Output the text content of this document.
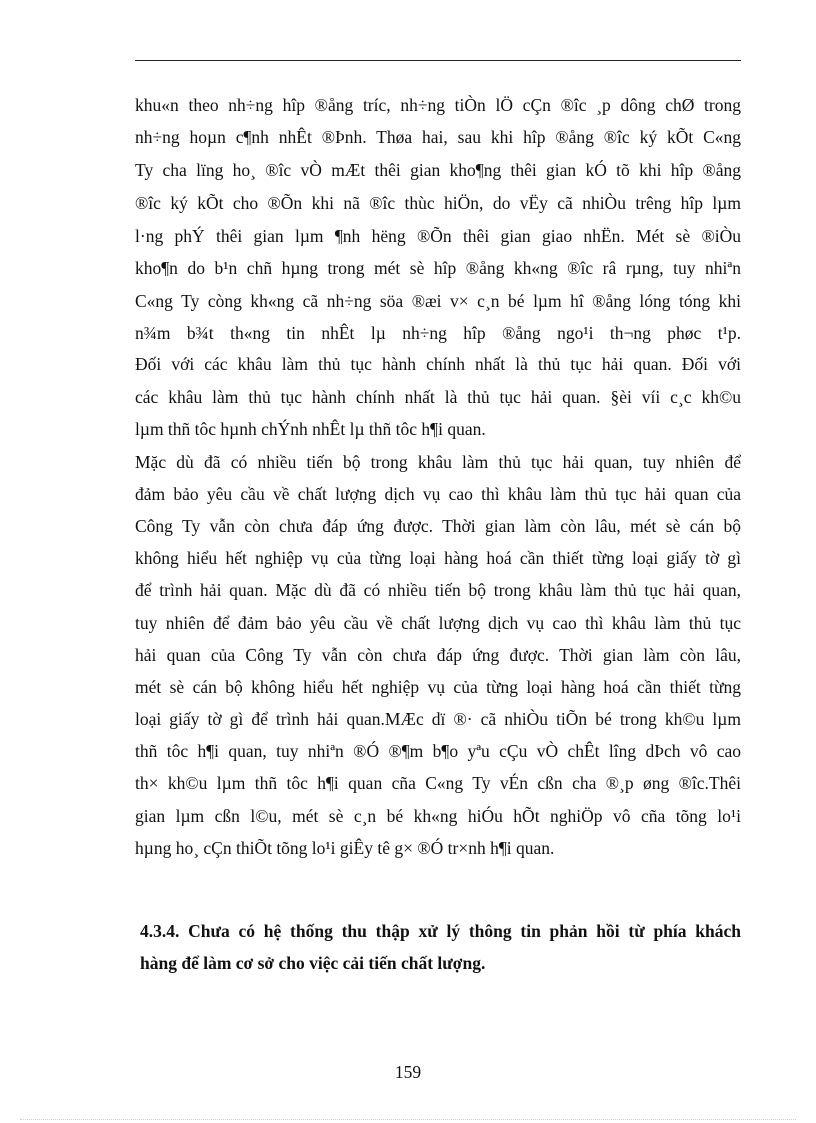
khu«n theo nh÷ng hîp ®ång tríc, nh÷ng tiÒn lÖ cÇn ®îc ¸p dông chØ trong
nh÷ng hoµn c¶nh nhÊt ®Þnh. Thøa hai, sau khi hîp ®ång ®îc ký kÕt C«ng
Ty cha lïng ho¸ ®îc vÒ mÆt thêi gian kho¶ng thêi gian kÓ tõ khi hîp ®ång
®îc ký kÕt cho ®Õn khi nã ®îc thùc hiÖn, do vËy cã nhiÒu trêng hîp lµm
l·ng phÝ thêi gian lµm ¶nh hëng ®Õn thêi gian giao nhËn. Mét sè ®iÒu
kho¶n do b¹n chñ hµng trong mét sè hîp ®ång kh«ng ®îc râ rµng, tuy nhiªn
C«ng Ty còng kh«ng cã nh÷ng söa ®æi v× c¸n bé lµm hî ®ång lóng tóng khi
n¾m b¾t th«ng tin nhÊt lµ nh÷ng hîp ®ång ngo¹i th¬ng phøc t¹p.
Đối với các khâu làm thủ tục hành chính nhất là thủ tục hải quan. Đối với
các khâu làm thủ tục hành chính nhất là thủ tục hải quan. §èi víi c¸c kh©u
lµm thñ tôc hµnh chÝnh nhÊt lµ thñ tôc h¶i quan.
Mặc dù đã có nhiều tiến bộ trong khâu làm thủ tục hải quan, tuy nhiên để
đảm bảo yêu cầu về chất lượng dịch vụ cao thì khâu làm thủ tục hải quan của
Công Ty vẫn còn chưa đáp ứng được. Thời gian làm còn lâu, mét sè cán bộ
không hiểu hết nghiệp vụ của từng loại hàng hoá cần thiết từng loại giấy tờ gì
để trình hải quan. Mặc dù đã có nhiều tiến bộ trong khâu làm thủ tục hải quan,
tuy nhiên để đảm bảo yêu cầu về chất lượng dịch vụ cao thì khâu làm thủ tục
hải quan của Công Ty vẫn còn chưa đáp ứng được. Thời gian làm còn lâu,
mét sè cán bộ không hiểu hết nghiệp vụ của từng loại hàng hoá cần thiết từng
loại giấy tờ gì để trình hải quan.MÆc dï ®· cã nhiÒu tiÕn bé trong kh©u lµm
thñ tôc h¶i quan, tuy nhiªn ®Ó ®¶m b¶o yªu cÇu vÒ chÊt lîng dÞch vô cao
th× kh©u lµm thñ tôc h¶i quan cña C«ng Ty vÉn cßn cha ®¸p øng ®îc.Thêi
gian lµm cßn l©u, mét sè c¸n bé kh«ng hiÓu hÕt nghiÖp vô cña tõng lo¹i
hµng ho¸ cÇn thiÕt tõng lo¹i giÊy tê g× ®Ó tr×nh h¶i quan.
4.3.4. Chưa có hệ thống thu thập xử lý thông tin phản hồi từ phía khách
hàng để làm cơ sở cho việc cải tiến chất lượng.
159
